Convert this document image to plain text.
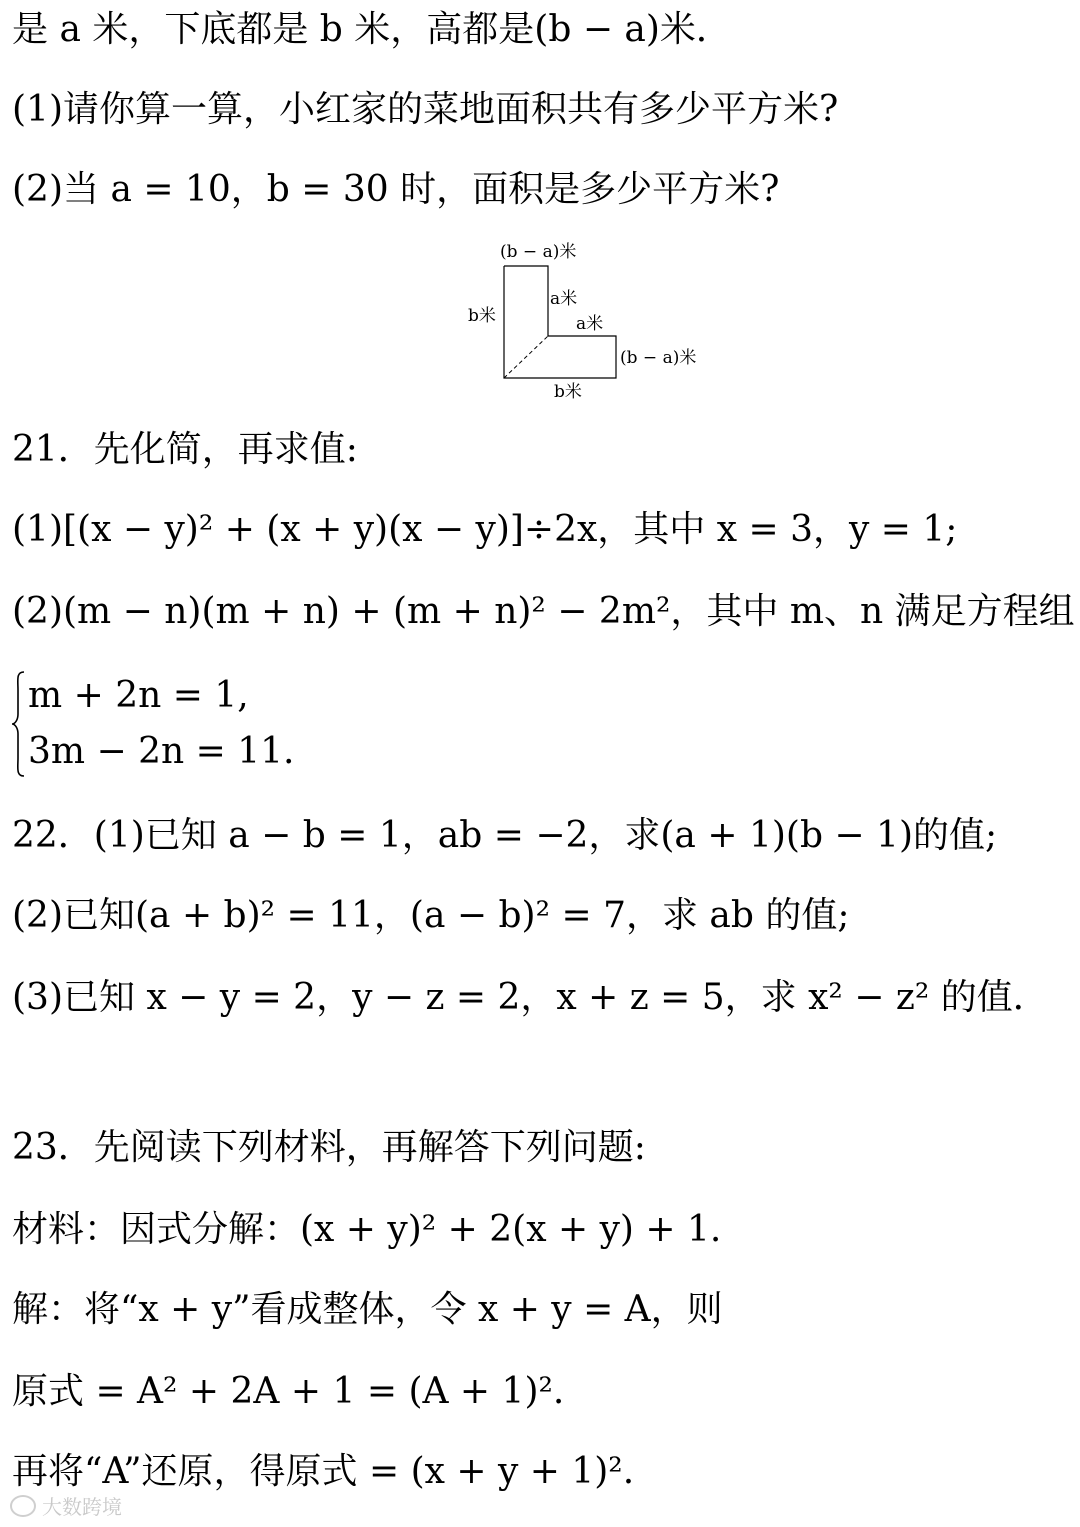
是 a 米，下底都是 b 米，高都是(b − a)米．
(1)请你算一算，小红家的菜地面积共有多少平方米?
(2)当 a = 10，b = 30 时，面积是多少平方米?
(b − a)米
b米
a米
a米
(b − a)米
b米
21．先化简，再求值:
(1)[(x − y)² + (x + y)(x − y)]÷2x，其中 x = 3，y = 1;
(2)(m − n)(m + n) + (m + n)² − 2m²，其中 m、n 满足方程组
m + 2n = 1,
3m − 2n = 11.
22．(1)已知 a − b = 1，ab = −2，求(a + 1)(b − 1)的值;
(2)已知(a + b)² = 11，(a − b)² = 7，求 ab 的值;
(3)已知 x − y = 2，y − z = 2，x + z = 5，求 x² − z² 的值．
23．先阅读下列材料，再解答下列问题:
材料：因式分解：(x + y)² + 2(x + y) + 1.
解：将“x + y”看成整体，令 x + y = A，则
原式 = A² + 2A + 1 = (A + 1)².
再将“A”还原，得原式 = (x + y + 1)².
大数跨境
